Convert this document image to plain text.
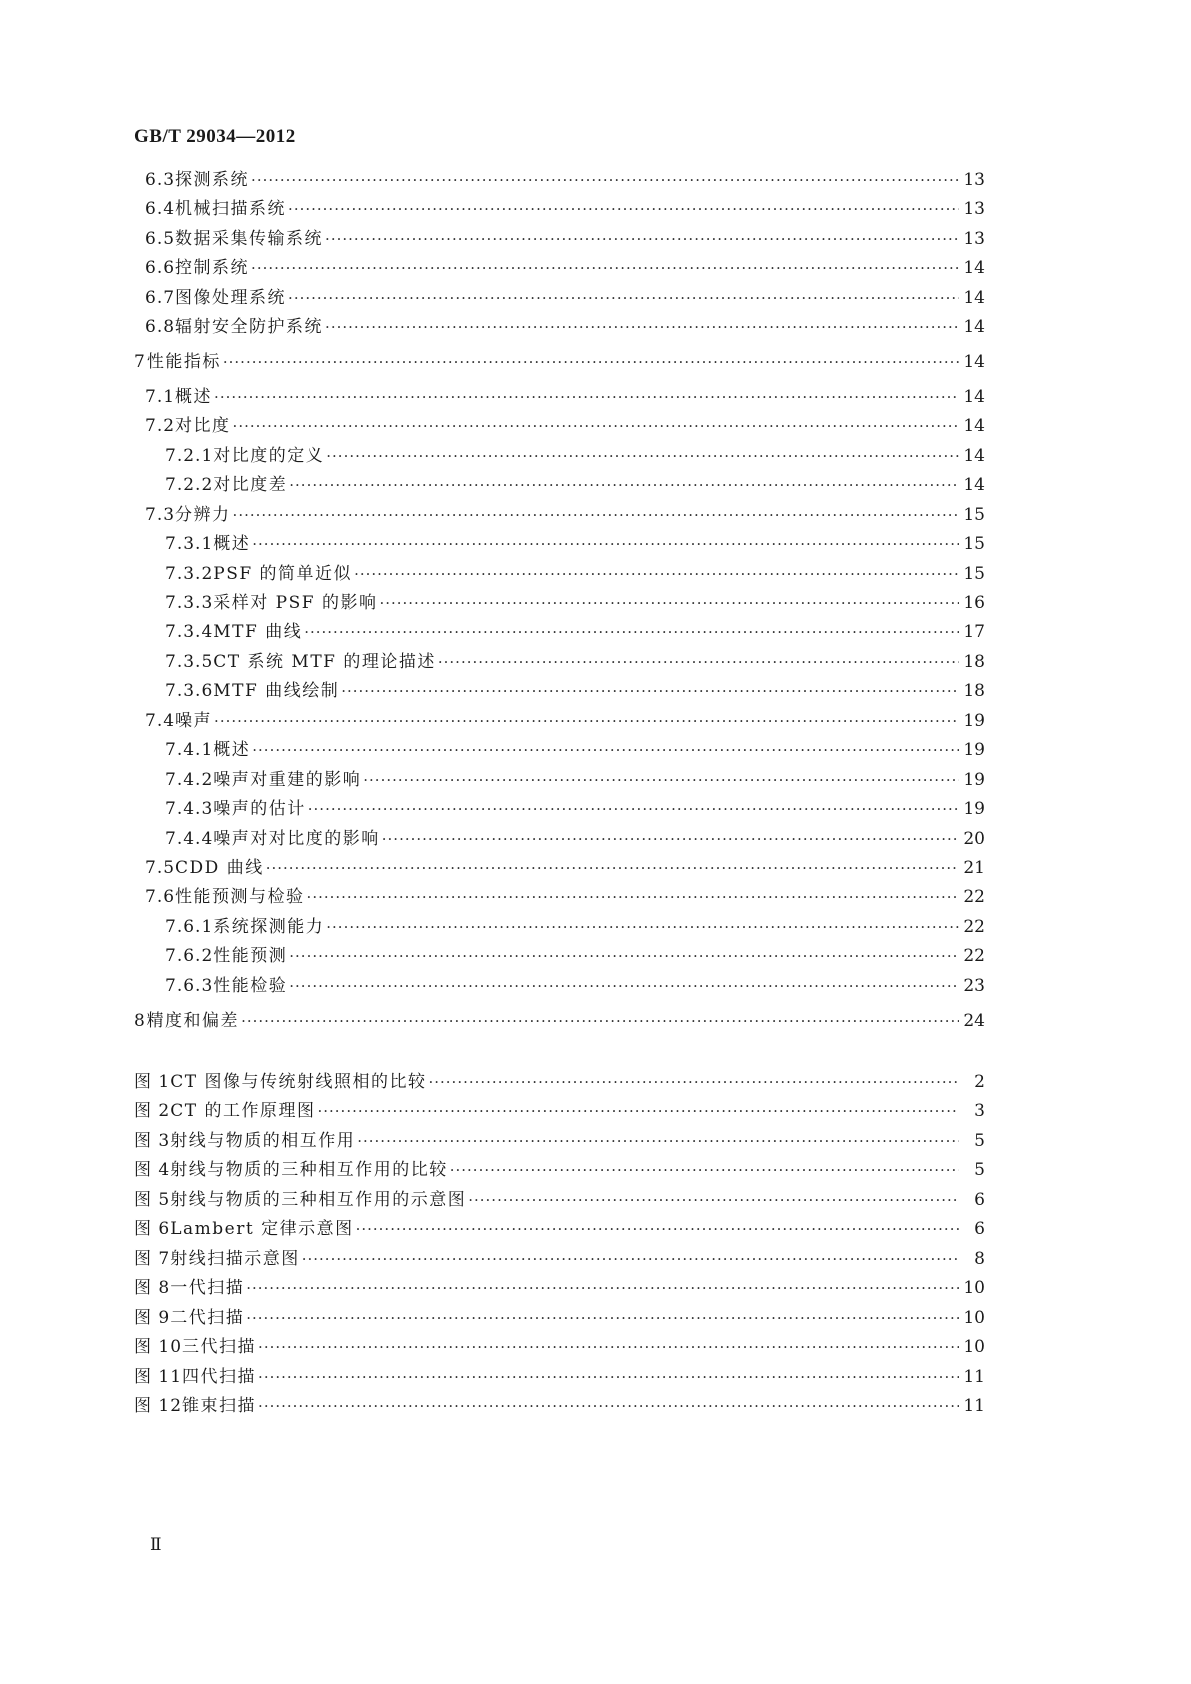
GB/T 29034—2012
6.3 探测系统 ·····	13
6.4 机械扫描系统 ·····	13
6.5 数据采集传输系统 ·····	13
6.6 控制系统 ·····	14
6.7 图像处理系统 ·····	14
6.8 辐射安全防护系统 ·····	14
7 性能指标 ·····	14
7.1 概述 ·····	14
7.2 对比度 ·····	14
7.2.1 对比度的定义 ·····	14
7.2.2 对比度差 ·····	14
7.3 分辨力 ·····	15
7.3.1 概述 ·····	15
7.3.2 PSF 的简单近似 ·····	15
7.3.3 采样对 PSF 的影响 ·····	16
7.3.4 MTF 曲线 ·····	17
7.3.5 CT 系统 MTF 的理论描述 ·····	18
7.3.6 MTF 曲线绘制 ·····	18
7.4 噪声 ·····	19
7.4.1 概述 ·····	19
7.4.2 噪声对重建的影响 ·····	19
7.4.3 噪声的估计 ·····	19
7.4.4 噪声对对比度的影响 ·····	20
7.5 CDD 曲线 ·····	21
7.6 性能预测与检验 ·····	22
7.6.1 系统探测能力 ·····	22
7.6.2 性能预测 ·····	22
7.6.3 性能检验 ·····	23
8 精度和偏差 ·····	24
图 1 CT 图像与传统射线照相的比较 ·····	2
图 2 CT 的工作原理图 ·····	3
图 3 射线与物质的相互作用 ·····	5
图 4 射线与物质的三种相互作用的比较 ·····	5
图 5 射线与物质的三种相互作用的示意图 ·····	6
图 6 Lambert 定律示意图 ·····	6
图 7 射线扫描示意图 ·····	8
图 8 一代扫描 ·····	10
图 9 二代扫描 ·····	10
图 10 三代扫描 ·····	10
图 11 四代扫描 ·····	11
图 12 锥束扫描 ·····	11
Ⅱ
